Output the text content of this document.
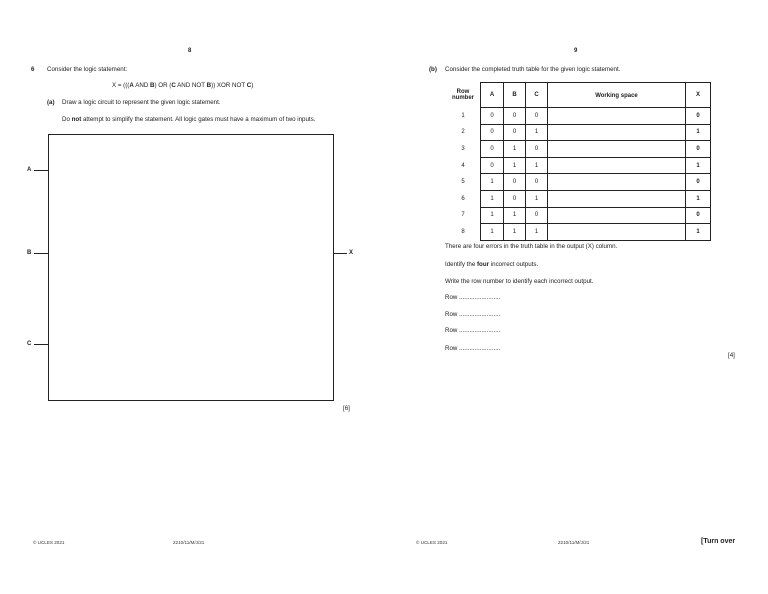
8
6 Consider the logic statement:
X = (((A AND B) OR (C AND NOT B)) XOR NOT C)
(a) Draw a logic circuit to represent the given logic statement.
Do not attempt to simplify the statement. All logic gates must have a maximum of two inputs.
A
B
C
X
[6]
© UCLES 2021	2210/11/M/J/21
9
(b) Consider the completed truth table for the given logic statement.
There are four errors in the truth table in the output (X) column.
Identify the four incorrect outputs.
Write the row number to identify each incorrect output.
Row ........................
Row ........................
Row ........................
Row ........................
[4]
© UCLES 2021	2210/11/M/J/21	[Turn over
Row number	A	B	C	Working space	X
1	0	0	0		0
2	0	0	1		1
3	0	1	0		0
4	0	1	1		1
5	1	0	0		0
6	1	0	1		1
7	1	1	0		0
8	1	1	1		1
